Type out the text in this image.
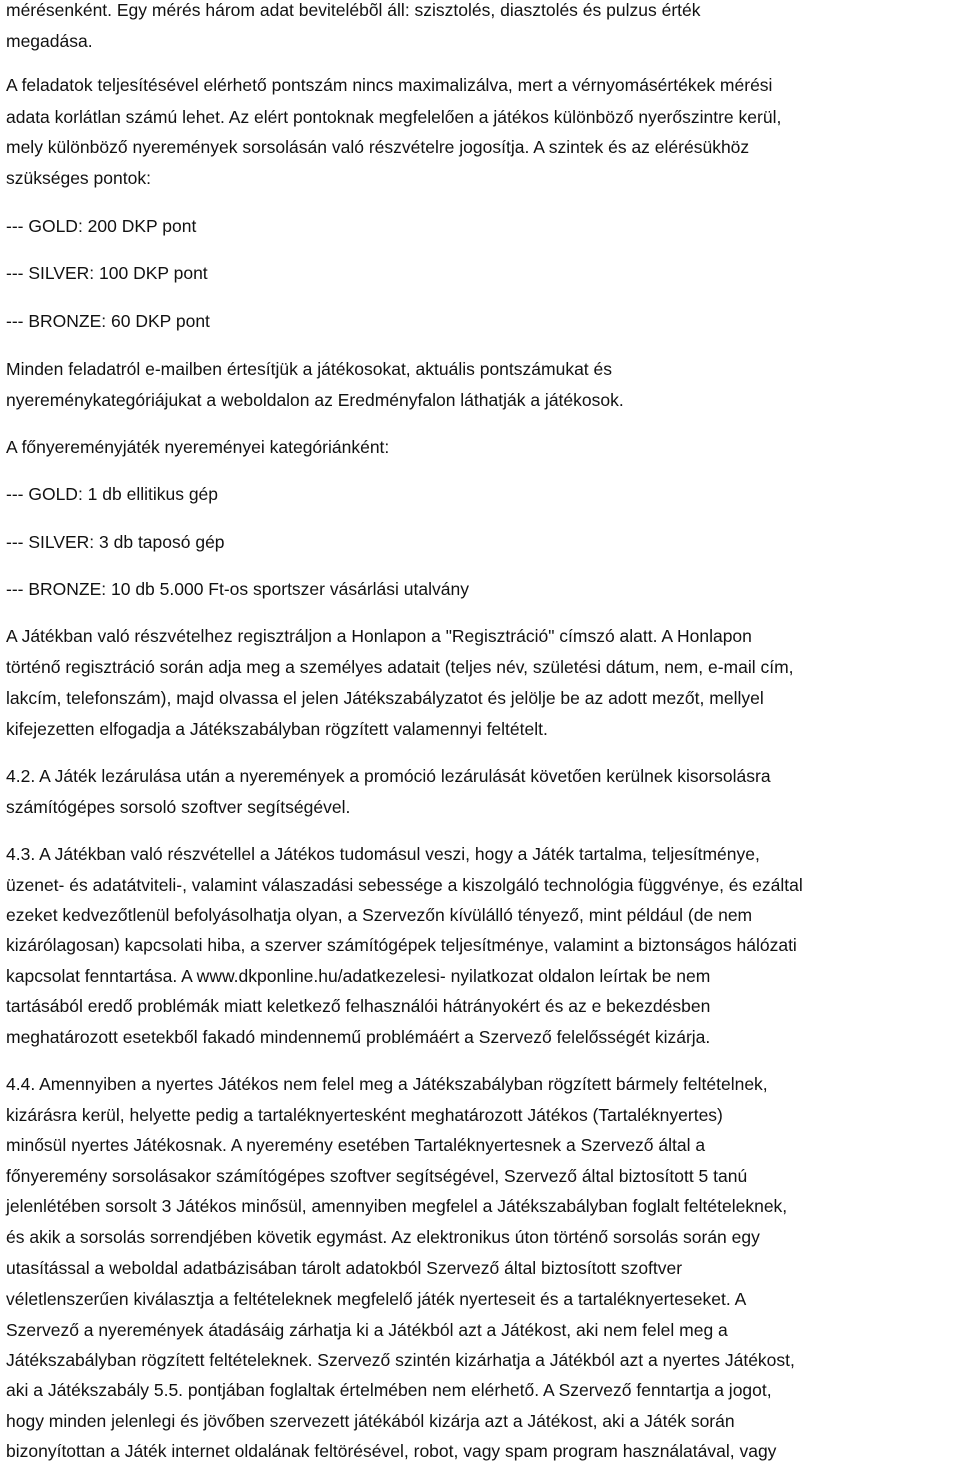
mérésenként. Egy mérés három adat bevitelébõl áll: szisztolés, diasztolés és pulzus érték
megadása.
A feladatok teljesítésével elérhető pontszám nincs maximalizálva, mert a vérnyomásértékek mérési
adata korlátlan számú lehet. Az elért pontoknak megfelelően a játékos különböző nyerőszintre kerül,
mely különböző nyeremények sorsolásán való részvételre jogosítja. A szintek és az elérésükhöz
szükséges pontok:
--- GOLD: 200 DKP pont
--- SILVER: 100 DKP pont
--- BRONZE: 60 DKP pont
Minden feladatról e-mailben értesítjük a játékosokat, aktuális pontszámukat és
nyereménykategóriájukat a weboldalon az Eredményfalon láthatják a játékosok.
A főnyereményjáték nyereményei kategóriánként:
--- GOLD: 1 db ellitikus gép
--- SILVER: 3 db taposó gép
--- BRONZE: 10 db 5.000 Ft-os sportszer vásárlási utalvány
A Játékban való részvételhez regisztráljon a Honlapon a "Regisztráció" címszó alatt. A Honlapon
történő regisztráció során adja meg a személyes adatait (teljes név, születési dátum, nem, e-mail cím,
lakcím, telefonszám), majd olvassa el jelen Játékszabályzatot és jelölje be az adott mezőt, mellyel
kifejezetten elfogadja a Játékszabályban rögzített valamennyi feltételt.
4.2. A Játék lezárulása után a nyeremények a promóció lezárulását követően kerülnek kisorsolásra
számítógépes sorsoló szoftver segítségével.
4.3. A Játékban való részvétellel a Játékos tudomásul veszi, hogy a Játék tartalma, teljesítménye,
üzenet- és adatátviteli-, valamint válaszadási sebessége a kiszolgáló technológia függvénye, és ezáltal
ezeket kedvezőtlenül befolyásolhatja olyan, a Szervezőn kívülálló tényező, mint például (de nem
kizárólagosan) kapcsolati hiba, a szerver számítógépek teljesítménye, valamint a biztonságos hálózati
kapcsolat fenntartása. A www.dkponline.hu/adatkezelesi- nyilatkozat oldalon leírtak be nem
tartásából eredő problémák miatt keletkező felhasználói hátrányokért és az e bekezdésben
meghatározott esetekből fakadó mindennemű problémáért a Szervező felelősségét kizárja.
4.4. Amennyiben a nyertes Játékos nem felel meg a Játékszabályban rögzített bármely feltételnek,
kizárásra kerül, helyette pedig a tartaléknyertesként meghatározott Játékos (Tartaléknyertes)
minősül nyertes Játékosnak. A nyeremény esetében Tartaléknyertesnek a Szervező által a
főnyeremény sorsolásakor számítógépes szoftver segítségével, Szervező által biztosított 5 tanú
jelenlétében sorsolt 3 Játékos minősül, amennyiben megfelel a Játékszabályban foglalt feltételeknek,
és akik a sorsolás sorrendjében követik egymást. Az elektronikus úton történő sorsolás során egy
utasítással a weboldal adatbázisában tárolt adatokból Szervező által biztosított szoftver
véletlenszerűen kiválasztja a feltételeknek megfelelő játék nyerteseit és a tartaléknyerteseket. A
Szervező a nyeremények átadásáig zárhatja ki a Játékból azt a Játékost, aki nem felel meg a
Játékszabályban rögzített feltételeknek. Szervező szintén kizárhatja a Játékból azt a nyertes Játékost,
aki a Játékszabály 5.5. pontjában foglaltak értelmében nem elérhető. A Szervező fenntartja a jogot,
hogy minden jelenlegi és jövőben szervezett játékából kizárja azt a Játékost, aki a Játék során
bizonyítottan a Játék internet oldalának feltörésével, robot, vagy spam program használatával, vagy
